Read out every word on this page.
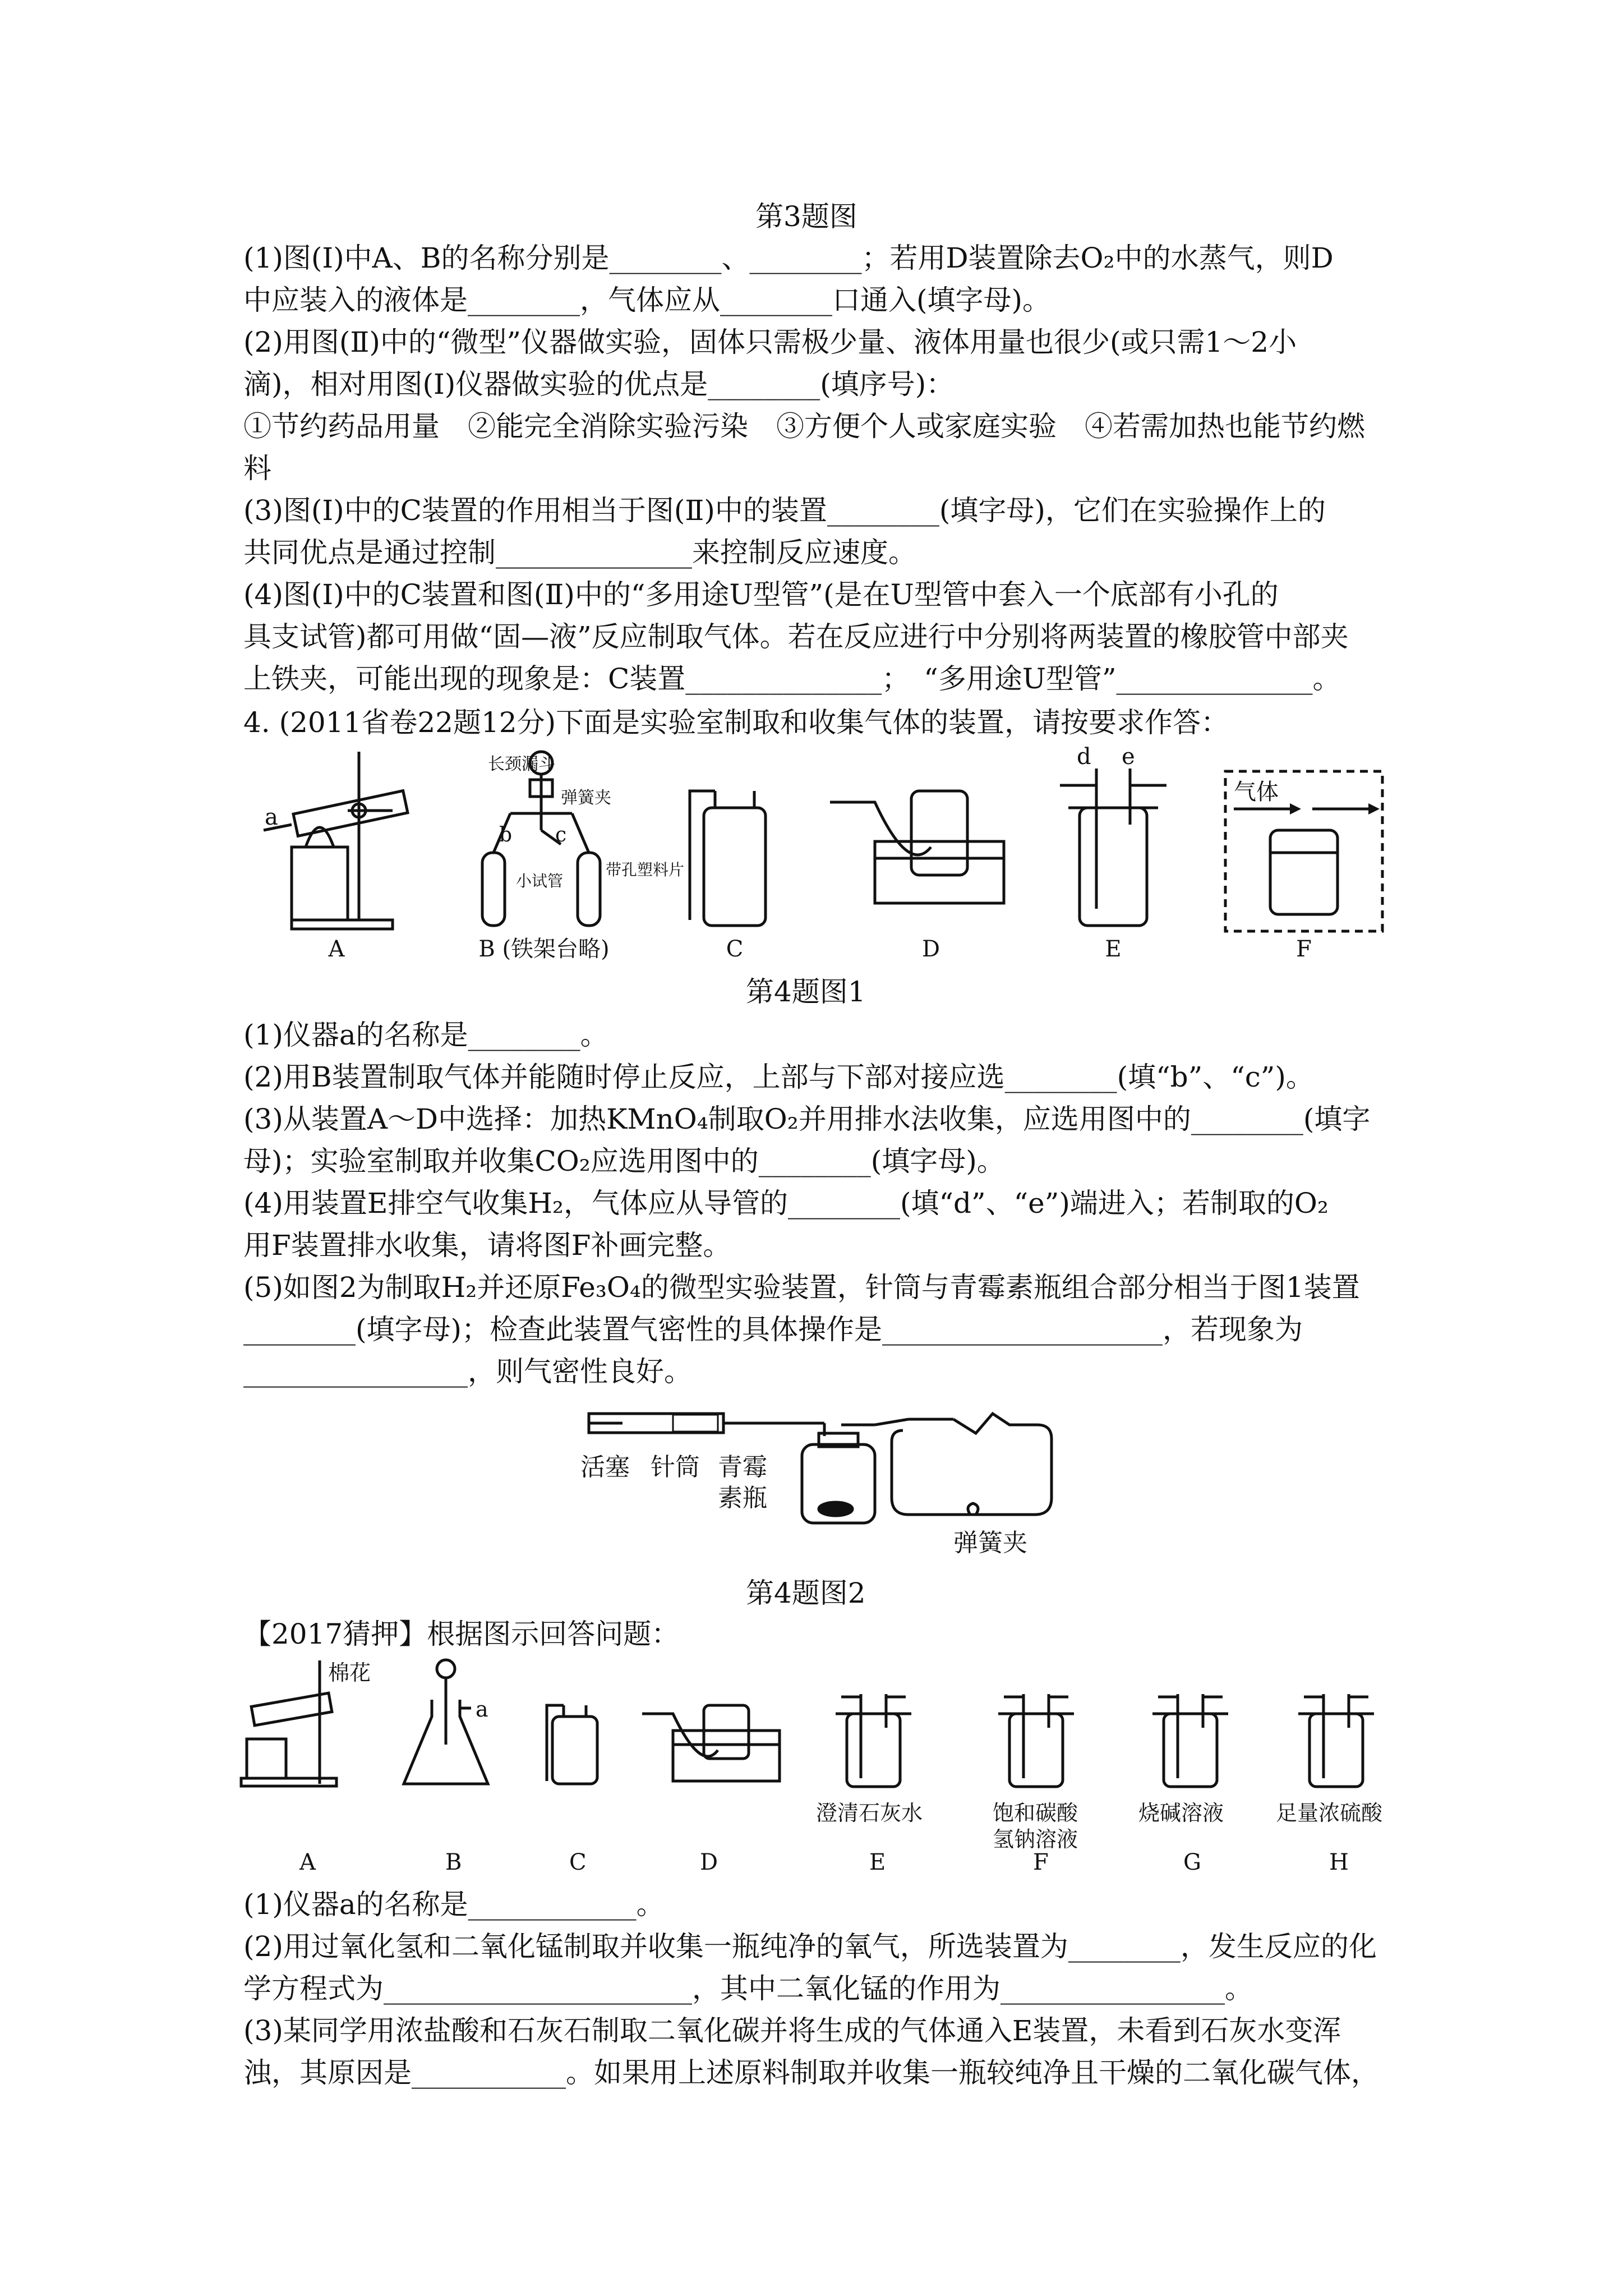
第3题图
(1)图(Ⅰ)中A、B的名称分别是________、________；若用D装置除去O₂中的水蒸气，则D
中应装入的液体是________，气体应从________口通入(填字母)。
(2)用图(Ⅱ)中的“微型”仪器做实验，固体只需极少量、液体用量也很少(或只需1～2小
滴)，相对用图(Ⅰ)仪器做实验的优点是________(填序号)：
①节约药品用量　②能完全消除实验污染　③方便个人或家庭实验　④若需加热也能节约燃
料
(3)图(Ⅰ)中的C装置的作用相当于图(Ⅱ)中的装置________(填字母)，它们在实验操作上的
共同优点是通过控制______________来控制反应速度。
(4)图(Ⅰ)中的C装置和图(Ⅱ)中的“多用途U型管”(是在U型管中套入一个底部有小孔的
具支试管)都可用做“固—液”反应制取气体。若在反应进行中分别将两装置的橡胶管中部夹
上铁夹，可能出现的现象是：C装置______________；　“多用途U型管”______________。
4. (2011省卷22题12分)下面是实验室制取和收集气体的装置，请按要求作答：
a
长颈漏斗
弹簧夹
b c
小试管
带孔塑料片
d e
气体
A	B (铁架台略)	C	D	E	F
第4题图1
(1)仪器a的名称是________。
(2)用B装置制取气体并能随时停止反应，上部与下部对接应选________(填“b”、“c”)。
(3)从装置A～D中选择：加热KMnO₄制取O₂并用排水法收集，应选用图中的________(填字
母)；实验室制取并收集CO₂应选用图中的________(填字母)。
(4)用装置E排空气收集H₂，气体应从导管的________(填“d”、“e”)端进入；若制取的O₂
用F装置排水收集，请将图F补画完整。
(5)如图2为制取H₂并还原Fe₃O₄的微型实验装置，针筒与青霉素瓶组合部分相当于图1装置
________(填字母)；检查此装置气密性的具体操作是____________________，若现象为
________________，则气密性良好。
活塞 针筒 青霉
素瓶
弹簧夹
第4题图2
【2017猜押】根据图示回答问题：
棉花
a
澄清石灰水	饱和碳酸
氢钠溶液
烧碱溶液 足量浓硫酸
A	B	C	D	E	F	G	H
(1)仪器a的名称是____________。
(2)用过氧化氢和二氧化锰制取并收集一瓶纯净的氧气，所选装置为________，发生反应的化
学方程式为______________________，其中二氧化锰的作用为________________。
(3)某同学用浓盐酸和石灰石制取二氧化碳并将生成的气体通入E装置，未看到石灰水变浑
浊，其原因是___________。如果用上述原料制取并收集一瓶较纯净且干燥的二氧化碳气体，
